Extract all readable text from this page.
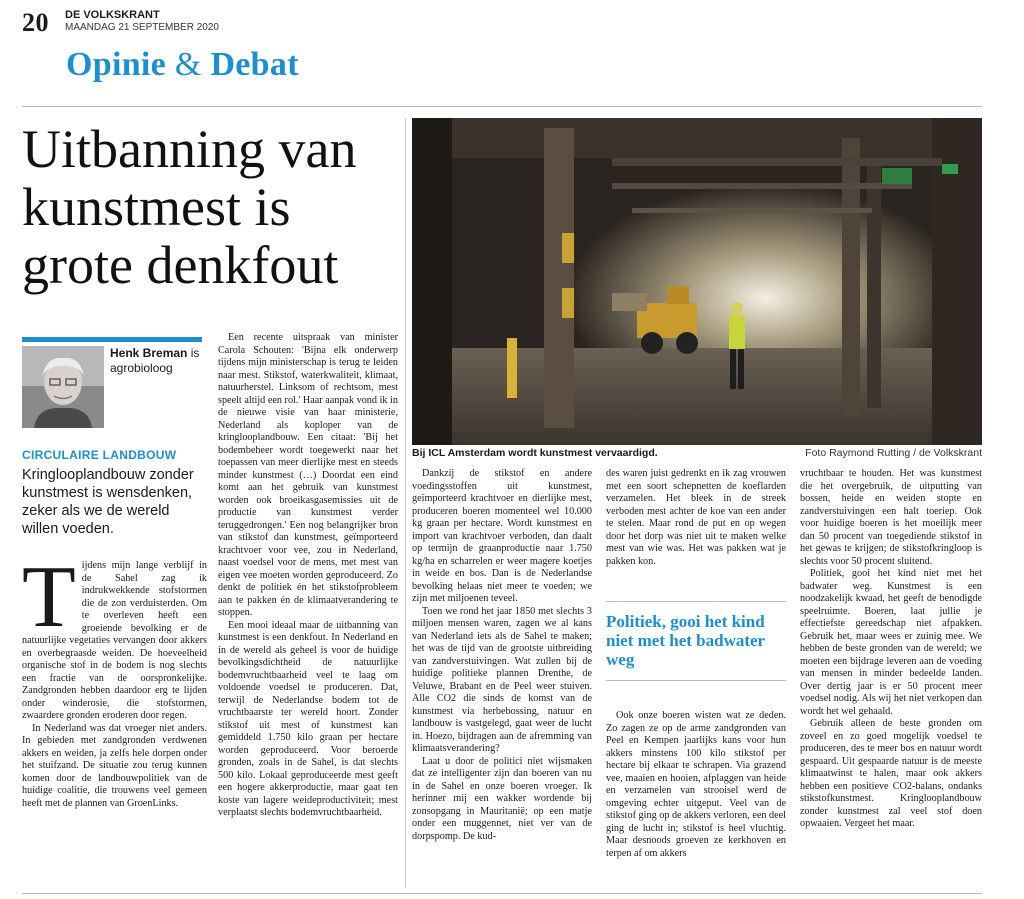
20 DE VOLKSKRANT
MAANDAG 21 SEPTEMBER 2020
Opinie & Debat
Uitbanning van kunstmest is grote denkfout
Henk Breman is agrobioloog
CIRCULAIRE LANDBOUW
Kringlooplandbouw zonder kunstmest is wensdenken, zeker als we de wereld willen voeden.
T ijdens mijn lange verblijf in de Sahel zag ik indrukwekkende stofstormen die de zon verduisterden. Om te overleven heeft een groeiende bevolking er de natuurlijke vegetaties vervangen door akkers en overbegraasde weiden. De hoeveelheid organische stof in de bodem is nog slechts een fractie van de oorspronkelijke. Zandgronden hebben daardoor erg te lijden onder winderosie, die stofstormen, zwaardere gronden eroderen door regen.

In Nederland was dat vroeger niet anders. In gebieden met zandgronden verdwenen akkers en weiden, ja zelfs hele dorpen onder het stuifzand. De situatie zou terug kunnen komen door de landbouwpolitiek van de huidige coalitie, die trouwens veel gemeen heeft met de plannen van GroenLinks.

Een recente uitspraak van minister Carola Schouten: 'Bijna elk onderwerp tijdens mijn ministerschap is terug te leiden naar mest. Stikstof, waterkwaliteit, klimaat, natuurherstel. Linksom of rechtsom, mest speelt altijd een rol.' Haar aanpak vond ik in de nieuwe visie van haar ministerie, Nederland als koploper van de kringlooplandbouw. Een citaat: 'Bij het bodembeheer wordt toegewerkt naar het toepassen van meer dierlijke mest en steeds minder kunstmest (…) Doordat een eind komt aan het gebruik van kunstmest worden ook broeikasgasemissies uit de productie van kunstmest verder teruggedrongen.' Een nog belangrijker bron van stikstof dan kunstmest, geïmporteerd krachtvoer voor vee, zou in Nederland, naast voedsel voor de mens, met mest van eigen vee moeten worden geproduceerd. Zo denkt de politiek én het stikstofprobleem aan te pakken én de klimaatverandering te stoppen.

Een mooi ideaal maar de uitbanning van kunstmest is een denkfout. In Nederland en in de wereld als geheel is voor de huidige bevolkingsdichtheid de natuurlijke bodemvruchtbaarheid veel te laag om voldoende voedsel te produceren. Dat, terwijl de Nederlandse bodem tot de vruchtbaarste ter wereld hoort. Zonder stikstof uit mest of kunstmest kan gemiddeld 1.750 kilo graan per hectare worden geproduceerd. Voor beroerde gronden, zoals in de Sahel, is dat slechts 500 kilo. Lokaal geproduceerde mest geeft een hogere akkerproductie, maar gaat ten koste van lagere weideproductiviteit; mest verplaatst slechts bodemvruchtbaarheid.

Bij ICL Amsterdam wordt kunstmest vervaardigd.	Foto Raymond Rutting / de Volkskrant

Dankzij de stikstof en andere voedingsstoffen uit kunstmest, geïmporteerd krachtvoer en dierlijke mest, produceren boeren momenteel wel 10.000 kg graan per hectare. Wordt kunstmest en import van krachtvoer verboden, dan daalt op termijn de graanproductie naar 1.750 kg/ha en scharrelen er weer magere koetjes in weide en bos. Dan is de Nederlandse bevolking helaas niet meer te voeden; we zijn met miljoenen teveel.

Toen we rond het jaar 1850 met slechts 3 miljoen mensen waren, zagen we al kans van Nederland iets als de Sahel te maken; het was de tijd van de grootste uitbreiding van zandverstuivingen. Wat zullen bij de huidige politieke plannen Drenthe, de Veluwe, Brabant en de Peel weer stuiven. Alle CO2 die sinds de komst van de kunstmest via herbebossing, natuur en landbouw is vastgelegd, gaat weer de lucht in. Hoezo, bijdragen aan de afremming van klimaatsverandering?

Laat u door de politici niet wijsmaken dat ze intelligenter zijn dan boeren van nu in de Sahel en onze boeren vroeger. Ik herinner mij een wakker wordende bij zonsopgang in Mauritanië; op een matje onder een muggennet, niet ver van de dorpspomp. De kud-

des waren juist gedrenkt en ik zag vrouwen met een soort schepnetten de koeflarden verzamelen. Het bleek in de streek verboden mest achter de koe van een ander te stelen. Maar rond de put en op wegen door het dorp was niet uit te maken welke mest van wie was. Het was pakken wat je pakken kon.

Politiek, gooi het kind niet met het badwater weg

Ook onze boeren wisten wat ze deden. Zo zagen ze op de arme zandgronden van Peel en Kempen jaarlijks kans voor hun akkers minstens 100 kilo stikstof per hectare bij elkaar te schrapen. Via grazend vee, maaien en hooien, afplaggen van heide en verzamelen van strooisel werd de omgeving echter uitgeput. Veel van de stikstof ging op de akkers verloren, een deel ging de lucht in; stikstof is heel vluchtig. Maar desnoods groeven ze kerkhoven en terpen af om akkers

vruchtbaar te houden. Het was kunstmest die het overgebruik, de uitputting van bossen, heide en weiden stopte en zandverstuivingen een halt toeriep. Ook voor huidige boeren is het moeilijk meer dan 50 procent van toegediende stikstof in het gewas te krijgen; de stikstofkringloop is slechts voor 50 procent sluitend.

Politiek, gooi het kind niet met het badwater weg. Kunstmest is een noodzakelijk kwaad, het geeft de benodigde speelruimte. Boeren, laat jullie je effectiefste gereedschap niet afpakken. Gebruik het, maar wees er zuinig mee. We hebben de beste gronden van de wereld; we moeten een bijdrage leveren aan de voeding van mensen in minder bedeelde landen. Over dertig jaar is er 50 procent meer voedsel nodig. Als wij het niet verkopen dan wordt het wel gehaald.

Gebruik alleen de beste gronden om zoveel en zo goed mogelijk voedsel te produceren, des te meer bos en natuur wordt gespaard. Uit gespaarde natuur is de meeste klimaatwinst te halen, maar ook akkers hebben een positieve CO2-balans, ondanks stikstofkunstmest. Kringlooplandbouw zonder kunstmest zal veel stof doen opwaaien. Vergeet het maar.
